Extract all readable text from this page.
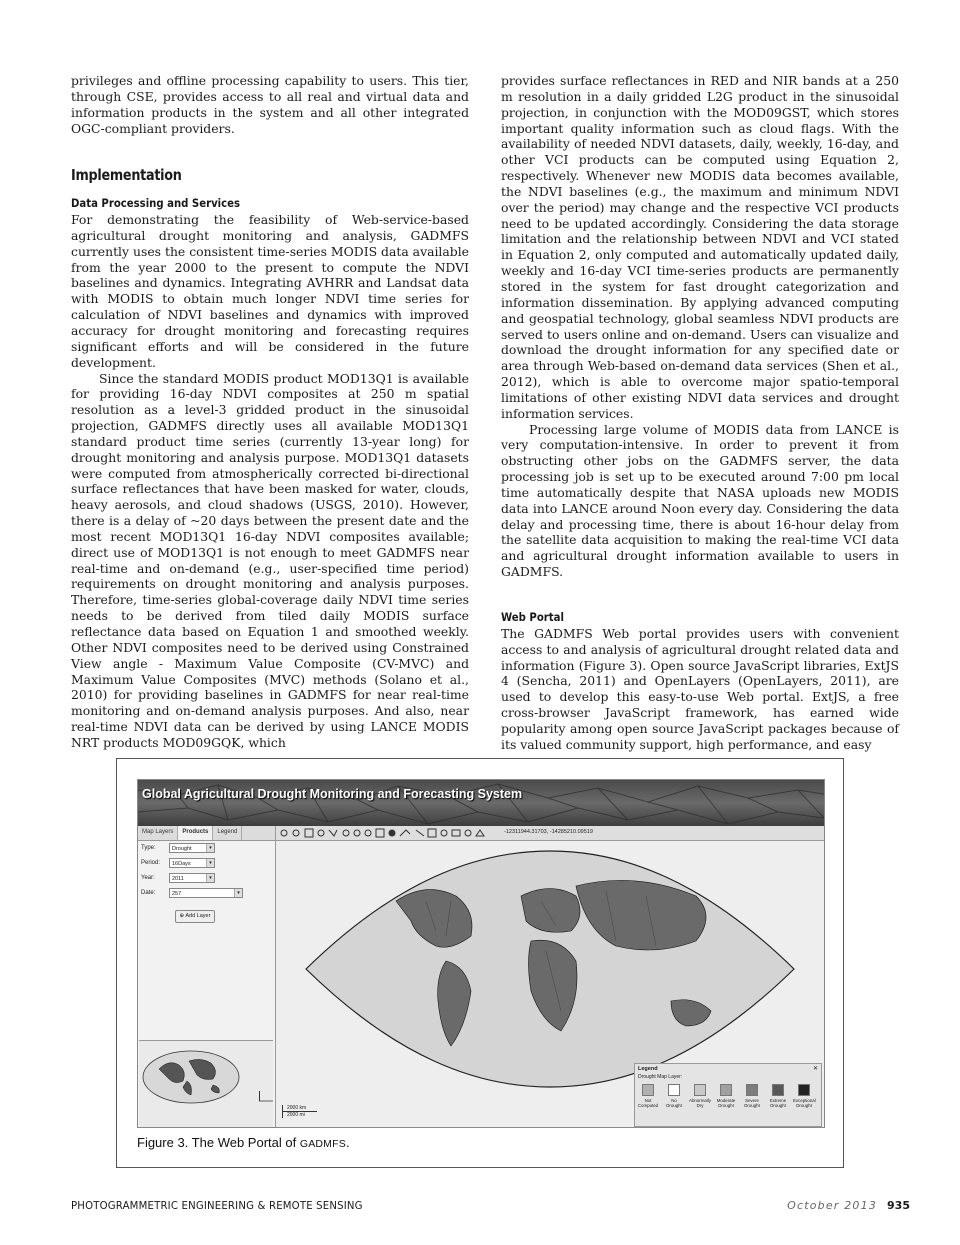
privileges and offline processing capability to users. This tier, through CSE, provides access to all real and virtual data and information products in the system and all other integrated OGC-compliant providers.

Implementation
Data Processing and Services

For demonstrating the feasibility of Web-service-based agricultural drought monitoring and analysis, GADMFS currently uses the consistent time-series MODIS data available from the year 2000 to the present to compute the NDVI baselines and dynamics. Integrating AVHRR and Landsat data with MODIS to obtain much longer NDVI time series for calculation of NDVI baselines and dynamics with improved accuracy for drought monitoring and forecasting requires significant efforts and will be considered in the future development.

Since the standard MODIS product MOD13Q1 is available for providing 16-day NDVI composites at 250 m spatial resolution as a level-3 gridded product in the sinusoidal projection, GADMFS directly uses all available MOD13Q1 standard product time series (currently 13-year long) for drought monitoring and analysis purpose. MOD13Q1 datasets were computed from atmospherically corrected bi-directional surface reflectances that have been masked for water, clouds, heavy aerosols, and cloud shadows (USGS, 2010). However, there is a delay of ~20 days between the present date and the most recent MOD13Q1 16-day NDVI composites available; direct use of MOD13Q1 is not enough to meet GADMFS near real-time and on-demand (e.g., user-specified time period) requirements on drought monitoring and analysis purposes. Therefore, time-series global-coverage daily NDVI time series needs to be derived from tiled daily MODIS surface reflectance data based on Equation 1 and smoothed weekly. Other NDVI composites need to be derived using Constrained View angle - Maximum Value Composite (CV-MVC) and Maximum Value Composites (MVC) methods (Solano et al., 2010) for providing baselines in GADMFS for near real-time monitoring and on-demand analysis purposes. And also, near real-time NDVI data can be derived by using LANCE MODIS NRT products MOD09GQK, which

provides surface reflectances in RED and NIR bands at a 250 m resolution in a daily gridded L2G product in the sinusoidal projection, in conjunction with the MOD09GST, which stores important quality information such as cloud flags. With the availability of needed NDVI datasets, daily, weekly, 16-day, and other VCI products can be computed using Equation 2, respectively. Whenever new MODIS data becomes available, the NDVI baselines (e.g., the maximum and minimum NDVI over the period) may change and the respective VCI products need to be updated accordingly. Considering the data storage limitation and the relationship between NDVI and VCI stated in Equation 2, only computed and automatically updated daily, weekly and 16-day VCI time-series products are permanently stored in the system for fast drought categorization and information dissemination. By applying advanced computing and geospatial technology, global seamless NDVI products are served to users online and on-demand. Users can visualize and download the drought information for any specified date or area through Web-based on-demand data services (Shen et al., 2012), which is able to overcome major spatio-temporal limitations of other existing NDVI data services and drought information services.

Processing large volume of MODIS data from LANCE is very computation-intensive. In order to prevent it from obstructing other jobs on the GADMFS server, the data processing job is set up to be executed around 7:00 pm local time automatically despite that NASA uploads new MODIS data into LANCE around Noon every day. Considering the data delay and processing time, there is about 16-hour delay from the satellite data acquisition to making the real-time VCI data and agricultural drought information available to users in GADMFS.

Web Portal

The GADMFS Web portal provides users with convenient access to and analysis of agricultural drought related data and information (Figure 3). Open source JavaScript libraries, ExtJS 4 (Sencha, 2011) and OpenLayers (OpenLayers, 2011), are used to develop this easy-to-use Web portal. ExtJS, a free cross-browser JavaScript framework, has earned wide popularity among open source JavaScript packages because of its valued community support, high performance, and easy

Global Agricultural Drought Monitoring and Forecasting System
Map Layers	Products	Legend
Type:	Drought	▾
Period:	16Days	▾
Year:	2011	▾
Date:	257	▾
⊕ Add Layer
-12311944.31703, -14285210.09519
Legend	✕
Drought Map Layer:
Not
Computed
No
Drought
Abnormally
Dry
Moderate
Drought
Severe
Drought
Extreme
Drought
Exceptional
Drought
2000 km
2000 mi
Figure 3. The Web Portal of GADMFS.
PHOTOGRAMMETRIC ENGINEERING & REMOTE SENSING	October 2013 935
